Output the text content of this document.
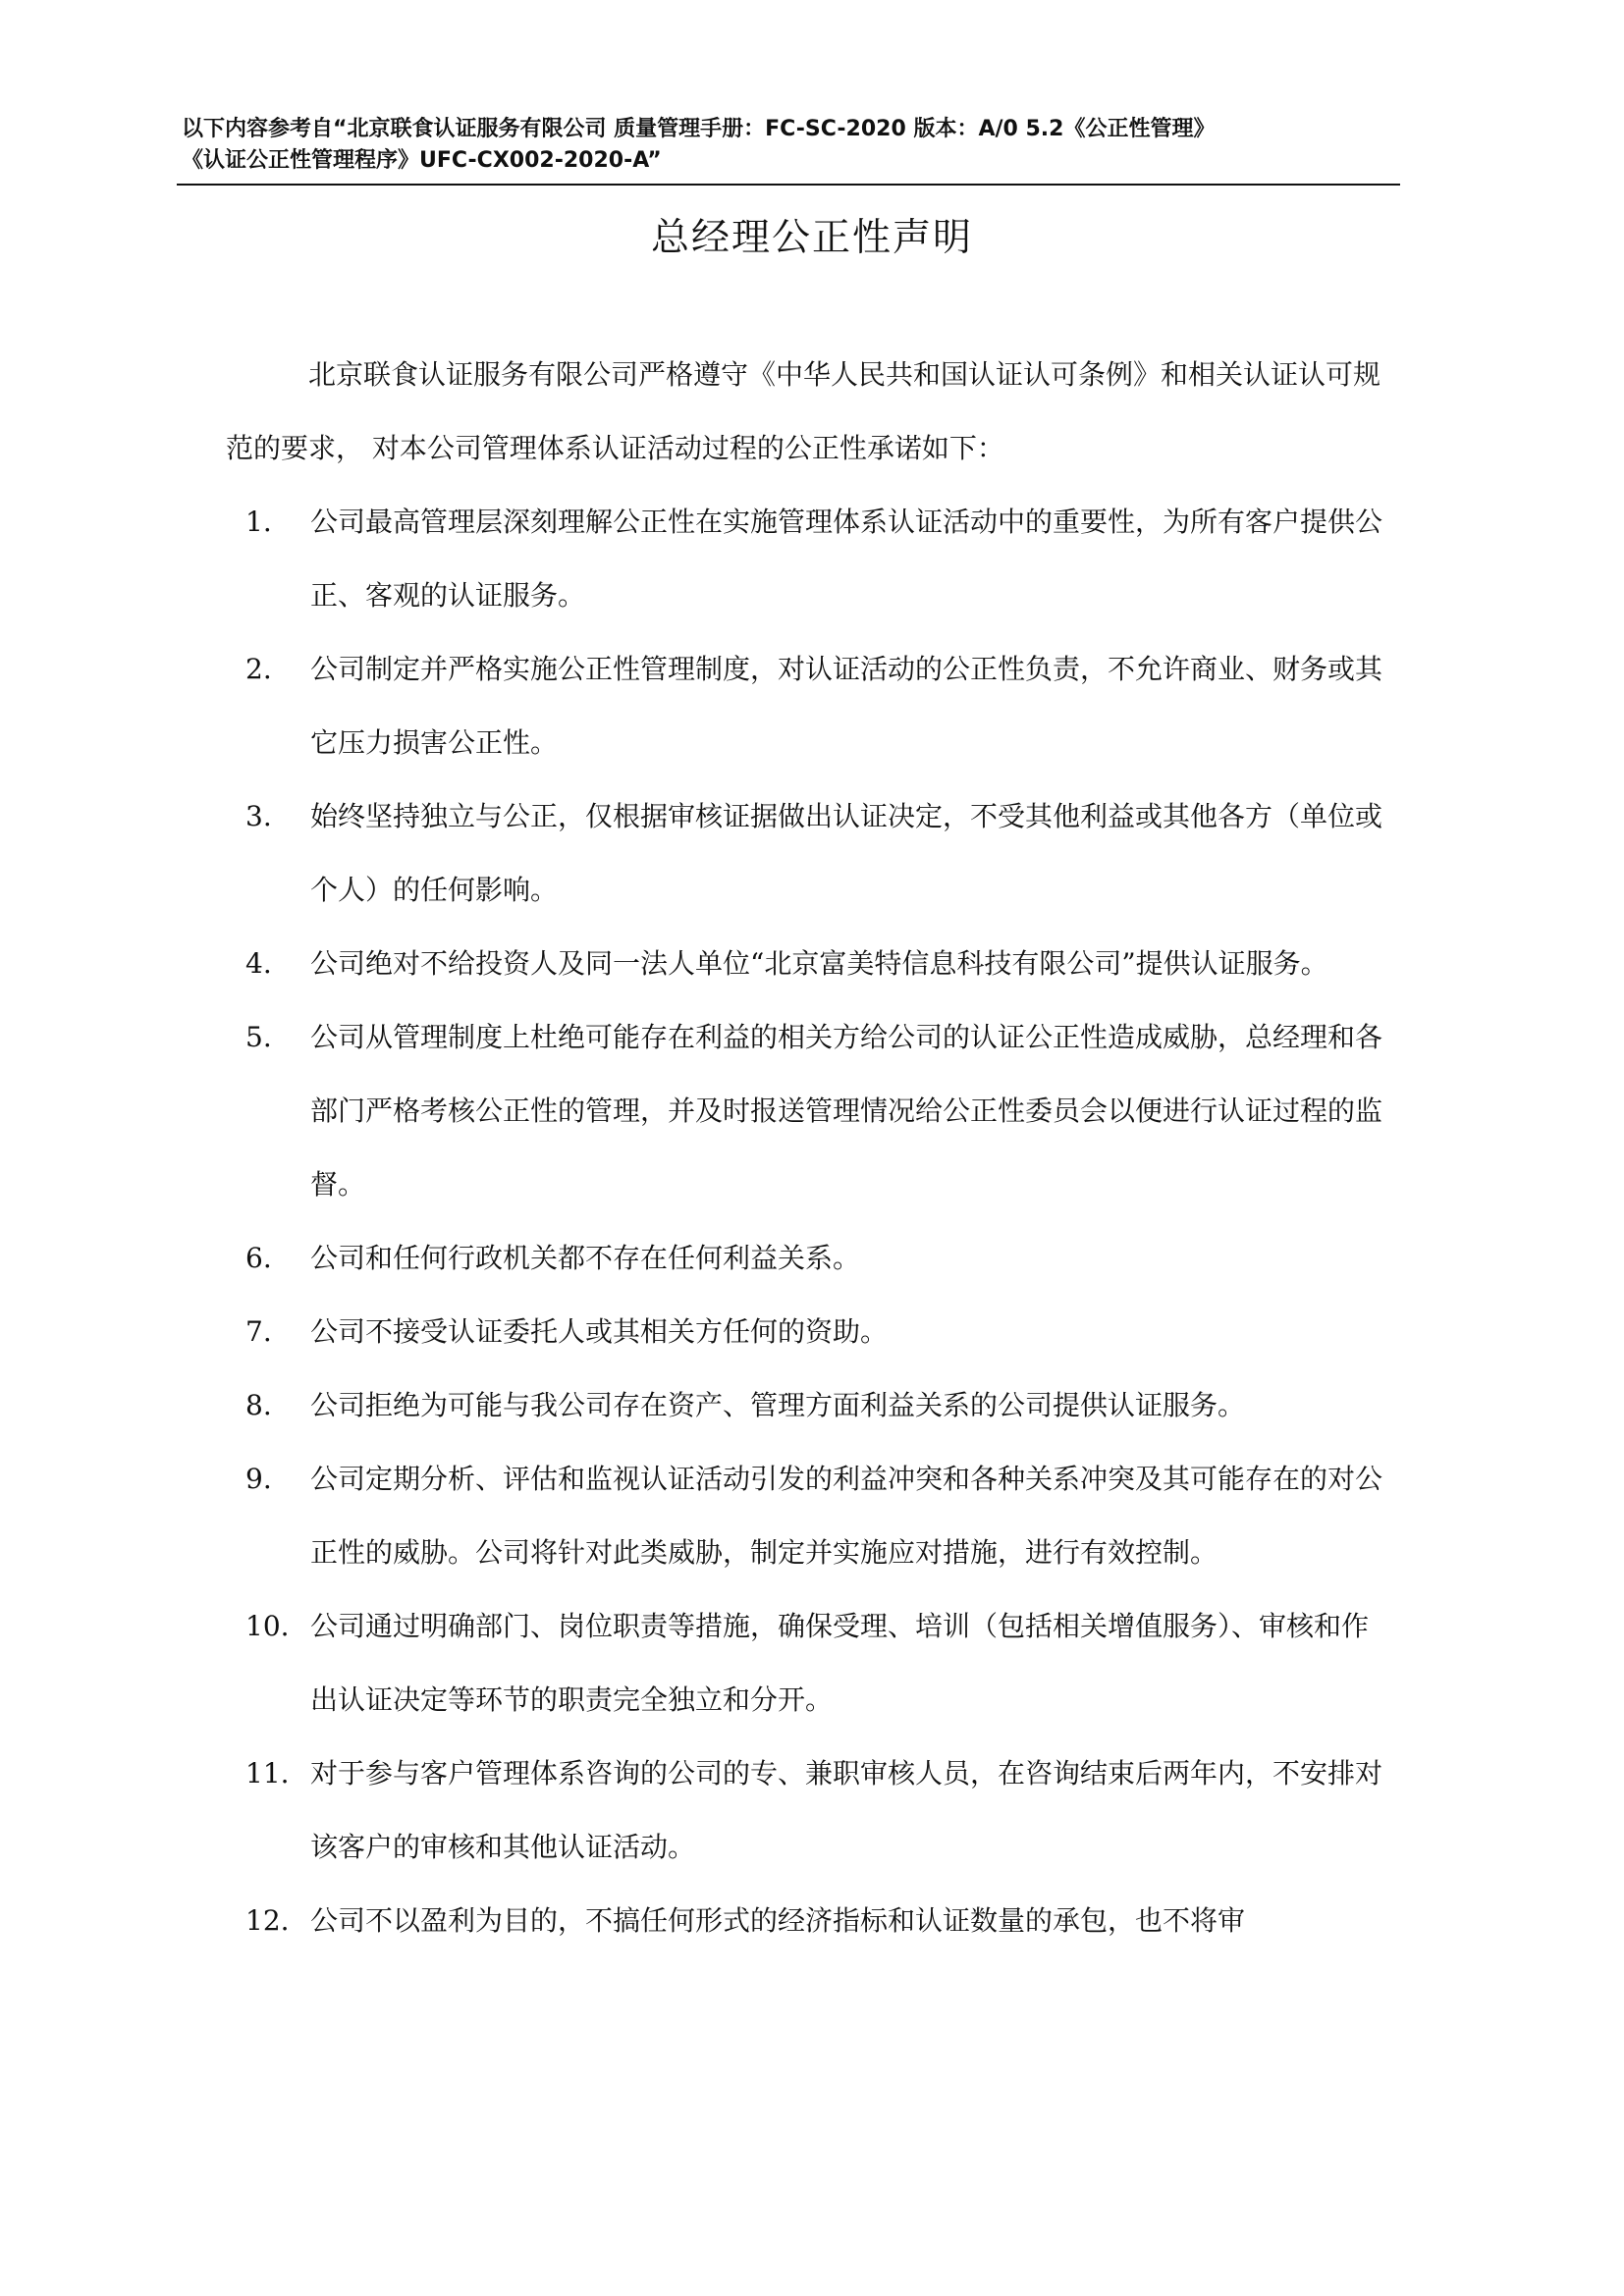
以下内容参考自“北京联食认证服务有限公司 质量管理手册：FC-SC-2020 版本：A/0 5.2《公正性管理》
《认证公正性管理程序》UFC-CX002-2020-A”
总经理公正性声明

北京联食认证服务有限公司严格遵守《中华人民共和国认证认可条例》和相关认证认可规范的要求， 对本公司管理体系认证活动过程的公正性承诺如下：

1.	公司最高管理层深刻理解公正性在实施管理体系认证活动中的重要性，为所有客户提供公正、客观的认证服务。
2.	公司制定并严格实施公正性管理制度，对认证活动的公正性负责，不允许商业、财务或其它压力损害公正性。
3.	始终坚持独立与公正，仅根据审核证据做出认证决定，不受其他利益或其他各方（单位或个人）的任何影响。
4.	公司绝对不给投资人及同一法人单位“北京富美特信息科技有限公司”提供认证服务。
5.	公司从管理制度上杜绝可能存在利益的相关方给公司的认证公正性造成威胁，总经理和各部门严格考核公正性的管理，并及时报送管理情况给公正性委员会以便进行认证过程的监督。
6.	公司和任何行政机关都不存在任何利益关系。
7.	公司不接受认证委托人或其相关方任何的资助。
8.	公司拒绝为可能与我公司存在资产、管理方面利益关系的公司提供认证服务。
9.	公司定期分析、评估和监视认证活动引发的利益冲突和各种关系冲突及其可能存在的对公正性的威胁。公司将针对此类威胁，制定并实施应对措施，进行有效控制。
10. 公司通过明确部门、岗位职责等措施，确保受理、培训（包括相关增值服务）、审核和作出认证决定等环节的职责完全独立和分开。
11. 对于参与客户管理体系咨询的公司的专、兼职审核人员，在咨询结束后两年内，不安排对该客户的审核和其他认证活动。
12. 公司不以盈利为目的，不搞任何形式的经济指标和认证数量的承包，也不将审
